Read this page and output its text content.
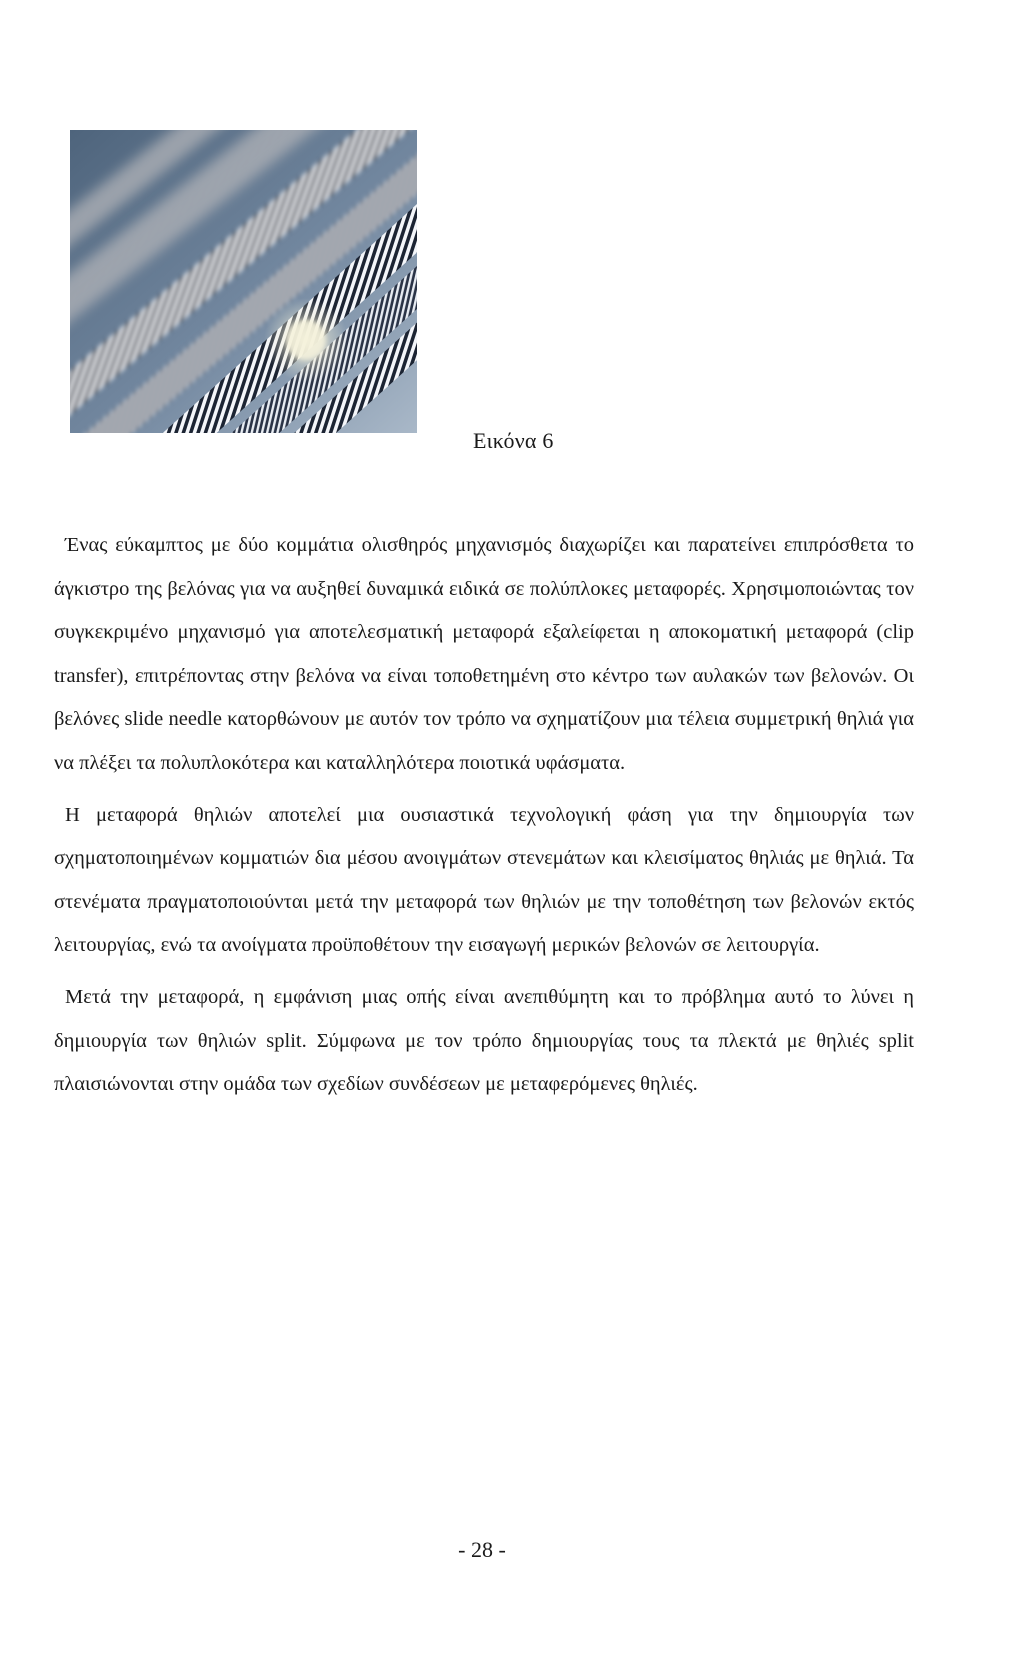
Εικόνα 6

Ένας εύκαμπτος με δύο κομμάτια ολισθηρός μηχανισμός διαχωρίζει και παρατείνει επιπρόσθετα το άγκιστρο της βελόνας για να αυξηθεί δυναμικά ειδικά σε πολύπλοκες μεταφορές. Χρησιμοποιώντας τον συγκεκριμένο μηχανισμό για αποτελεσματική μεταφορά εξαλείφεται η αποκοματική μεταφορά (clip transfer), επιτρέποντας στην βελόνα να είναι τοποθετημένη στο κέντρο των αυλακών των βελονών. Οι βελόνες slide needle κατορθώνουν με αυτόν τον τρόπο να σχηματίζουν μια τέλεια συμμετρική θηλιά για να πλέξει τα πολυπλοκότερα και καταλληλότερα ποιοτικά υφάσματα.

Η μεταφορά θηλιών αποτελεί μια ουσιαστικά τεχνολογική φάση για την δημιουργία των σχηματοποιημένων κομματιών δια μέσου ανοιγμάτων στενεμάτων και κλεισίματος θηλιάς με θηλιά. Τα στενέματα πραγματοποιούνται μετά την μεταφορά των θηλιών με την τοποθέτηση των βελονών εκτός λειτουργίας, ενώ τα ανοίγματα προϋποθέτουν την εισαγωγή μερικών βελονών σε λειτουργία.

Μετά την μεταφορά, η εμφάνιση μιας οπής είναι ανεπιθύμητη και το πρόβλημα αυτό το λύνει η δημιουργία των θηλιών split. Σύμφωνα με τον τρόπο δημιουργίας τους τα πλεκτά με θηλιές split πλαισιώνονται στην ομάδα των σχεδίων συνδέσεων με μεταφερόμενες θηλιές.

- 28 -
